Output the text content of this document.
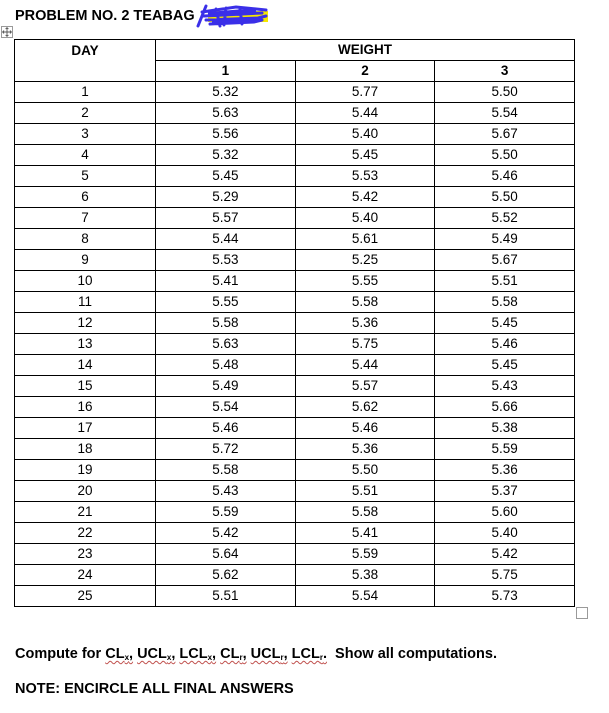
PROBLEM NO. 2 TEABAG
DAY	WEIGHT		
	1	2	3
1	5.32	5.77	5.50
2	5.63	5.44	5.54
3	5.56	5.40	5.67
4	5.32	5.45	5.50
5	5.45	5.53	5.46
6	5.29	5.42	5.50
7	5.57	5.40	5.52
8	5.44	5.61	5.49
9	5.53	5.25	5.67
10	5.41	5.55	5.51
11	5.55	5.58	5.58
12	5.58	5.36	5.45
13	5.63	5.75	5.46
14	5.48	5.44	5.45
15	5.49	5.57	5.43
16	5.54	5.62	5.66
17	5.46	5.46	5.38
18	5.72	5.36	5.59
19	5.58	5.50	5.36
20	5.43	5.51	5.37
21	5.59	5.58	5.60
22	5.42	5.41	5.40
23	5.64	5.59	5.42
24	5.62	5.38	5.75
25	5.51	5.54	5.73
Compute for $CL_x$, $UCL_x$, $LCL_x$, $CL_r$, $UCL_r$, $LCL_r$. Show all computations.
NOTE: ENCIRCLE ALL FINAL ANSWERS
